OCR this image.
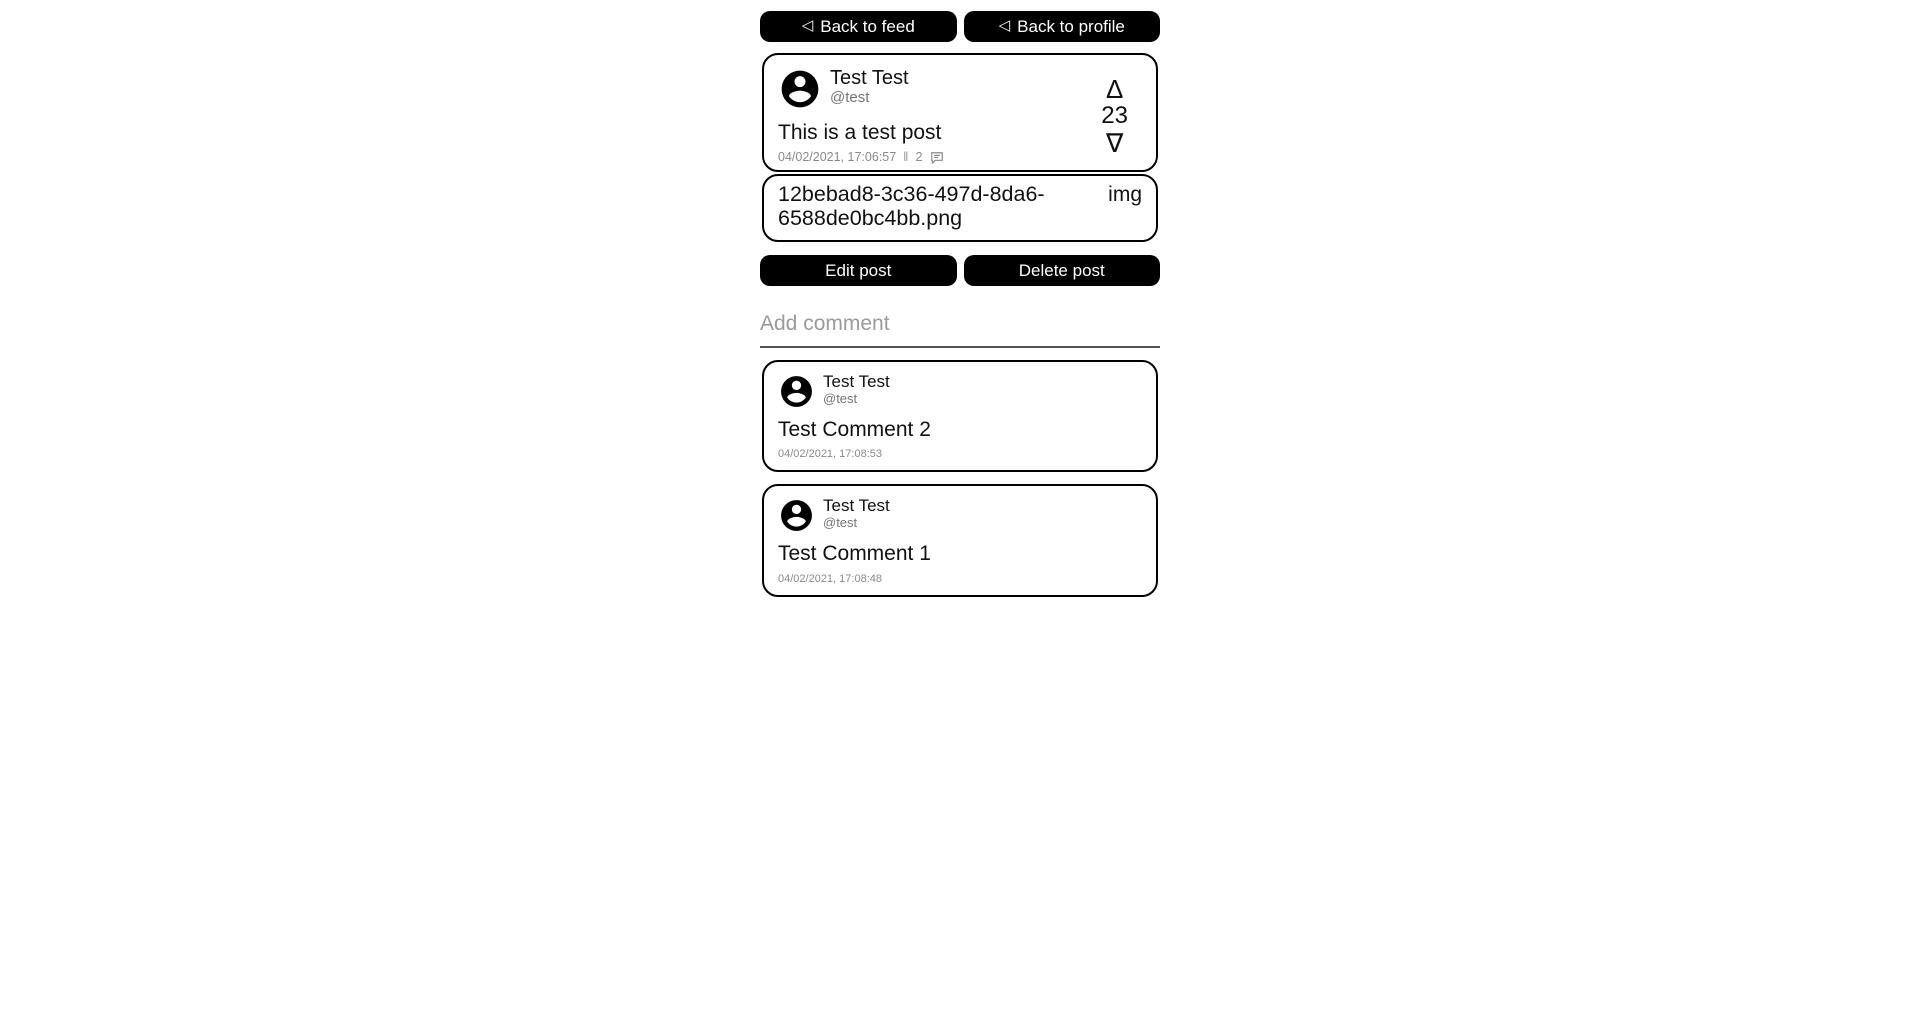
◁ Back to feed	◁ Back to profile
Test Test
@test
This is a test post
04/02/2021, 17:06:57 ‖ 2
Δ
23
∇
12bebad8-3c36-497d-8da6-6588de0bc4bb.png
img
Edit post	Delete post
Add comment
Test Test
@test
Test Comment 2
04/02/2021, 17:08:53
Test Test
@test
Test Comment 1
04/02/2021, 17:08:48
